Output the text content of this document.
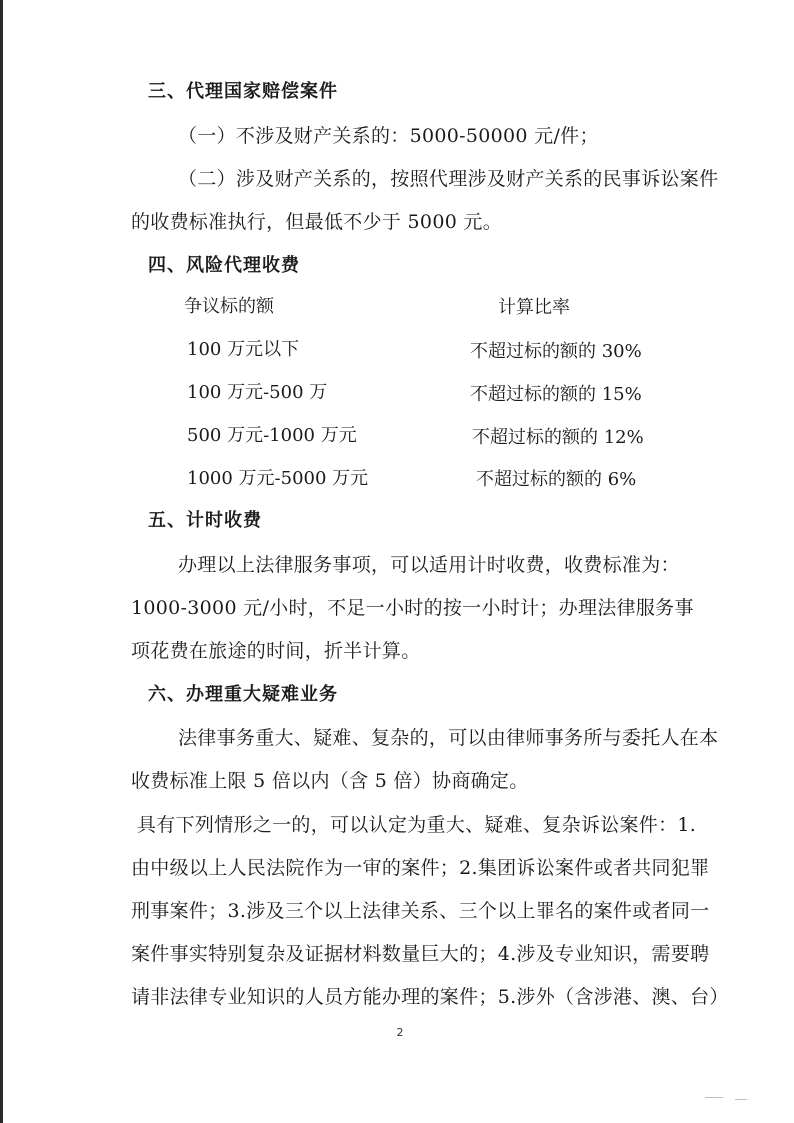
三、代理国家赔偿案件
（一）不涉及财产关系的：5000-50000 元/件；
（二）涉及财产关系的，按照代理涉及财产关系的民事诉讼案件
的收费标准执行，但最低不少于 5000 元。
四、风险代理收费
争议标的额	计算比率
100 万元以下	不超过标的额的 30%
100 万元-500 万	不超过标的额的 15%
500 万元-1000 万元	不超过标的额的 12%
1000 万元-5000 万元	不超过标的额的 6%
五、计时收费
办理以上法律服务事项，可以适用计时收费，收费标准为：
1000-3000 元/小时，不足一小时的按一小时计；办理法律服务事
项花费在旅途的时间，折半计算。
六、办理重大疑难业务
法律事务重大、疑难、复杂的，可以由律师事务所与委托人在本
收费标准上限 5 倍以内（含 5 倍）协商确定。
具有下列情形之一的，可以认定为重大、疑难、复杂诉讼案件：1.
由中级以上人民法院作为一审的案件；2.集团诉讼案件或者共同犯罪
刑事案件；3.涉及三个以上法律关系、三个以上罪名的案件或者同一
案件事实特别复杂及证据材料数量巨大的；4.涉及专业知识，需要聘
请非法律专业知识的人员方能办理的案件；5.涉外（含涉港、澳、台）
2
